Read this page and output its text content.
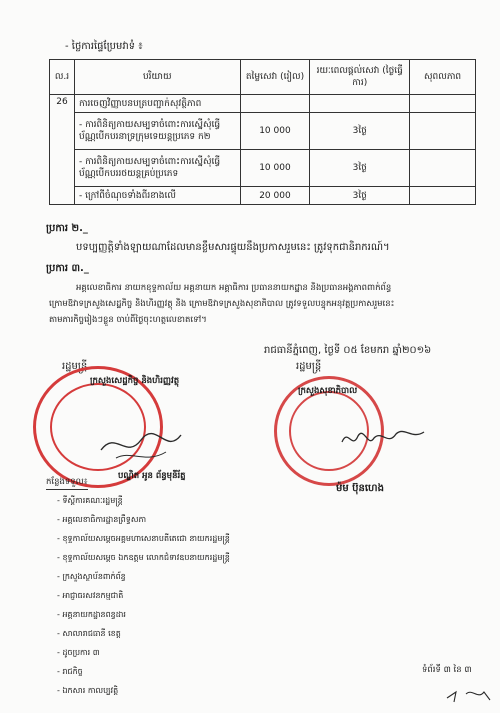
- ថ្លៃការផ្ទៃប្រែមវាទំ ៖
ល.រ	បរិយាយ	តម្លៃសេវា (រៀល)	រយៈពេលផ្ដល់សេវា (ថ្ងៃធ្វើការ)	សុពលភាព
26	ការចេញវិញ្ញាបនបត្របញ្ជាក់សុវត្ថិភាព			
	- ការពិនិត្យកាយសម្បទាចំពោះការស្នើសុំធ្វើ ប័ណ្ណបើកបរនាទ្រក្រុមទេយន្តប្រភេទ ក២	10 000	3ថ្ងៃ	
	- ការពិនិត្យកាយសម្បទាចំពោះការស្នើសុំធ្វើ ប័ណ្ណបើកបររថយន្តគ្រប់ប្រភេទ	10 000	3ថ្ងៃ	
	- ក្រៅពីចំណុចទាំងពីរខាងលើ	20 000	3ថ្ងៃ	
ប្រការ ២._
បទប្បញ្ញត្តិទាំងឡាយណាដែលមានខ្លឹមសារផ្ទុយនឹងប្រកាសរួមនេះ ត្រូវទុកជានិរាករណ៍។
ប្រការ ៣._
អគ្គលេខាធិការ នាយកខុទ្ទកាល័យ អគ្គនាយក អគ្គាធិការ ប្រធាននាយកដ្ឋាន និងប្រធានអង្គភាពពាក់ព័ន្ធ
ក្រោមឱវាទក្រសួងសេដ្ឋកិច្ច និងហិរញ្ញវត្ថុ និង ក្រោមឱវាទក្រសួងសុខាភិបាល ត្រូវទទួលបន្ទុកអនុវត្តប្រកាសរួមនេះ
តាមភារកិច្ចរៀងៗខ្លួន ចាប់ពីថ្ងៃចុះហត្ថលេខាតទៅ។
រាជធានីភ្នំពេញ, ថ្ងៃទី ០៥ ខែមករា ឆ្នាំ២០១៦
រដ្ឋមន្ត្រី
ក្រសួងសេដ្ឋកិច្ច និងហិរញ្ញវត្ថុ
បណ្ឌិត អូន ព័ន្ធមុនីរ័ត្ន
រដ្ឋមន្ត្រី
ក្រសួងសុខាភិបាល
ម៉ម ប៊ុនហេង
កន្លែងទទួល៖
- ទីស្តីការគណៈរដ្ឋមន្ត្រី
- អគ្គលេខាធិការដ្ឋានព្រឹទ្ធសភា
- ខុទ្ទកាល័យសម្តេចអគ្គមហាសេនាបតីតេជោ នាយករដ្ឋមន្ត្រី
- ខុទ្ទកាល័យសម្តេច ឯកឧត្តម លោកជំទាវឧបនាយករដ្ឋមន្ត្រី
- ក្រសួងស្ថាប័នពាក់ព័ន្ធ
- អាជ្ញាធរសវនកម្មជាតិ
- អគ្គនាយកដ្ឋានពន្ធដារ
- សាលារាជធានី ខេត្ត
- ដូចប្រការ ៣
- រាជកិច្ច
- ឯកសារ កាលប្បវត្តិ
ទំព័រទី ៣ នៃ ៣
